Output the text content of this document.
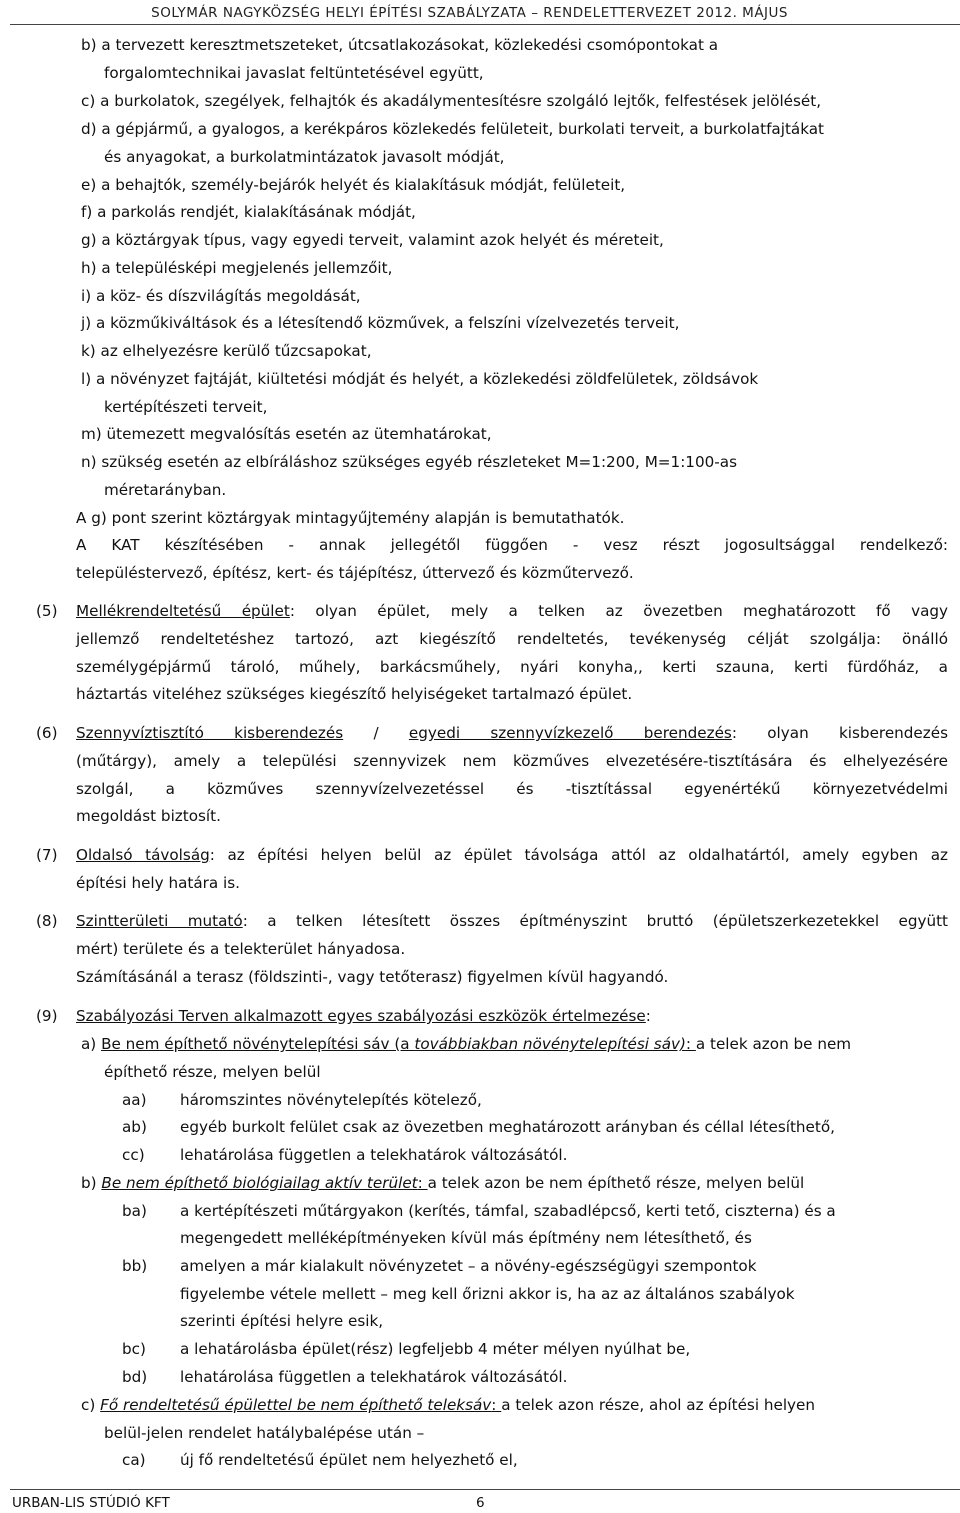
SOLYMÁR NAGYKÖZSÉG HELYI ÉPÍTÉSI SZABÁLYZATA – RENDELETTERVEZET 2012. MÁJUS
b) a tervezett keresztmetszeteket, útcsatlakozásokat, közlekedési csomópontokat a
forgalomtechnikai javaslat feltüntetésével együtt,
c) a burkolatok, szegélyek, felhajtók és akadálymentesítésre szolgáló lejtők, felfestések jelölését,
d) a gépjármű, a gyalogos, a kerékpáros közlekedés felületeit, burkolati terveit, a burkolatfajtákat
és anyagokat, a burkolatmintázatok javasolt módját,
e) a behajtók, személy-bejárók helyét és kialakításuk módját, felületeit,
f) a parkolás rendjét, kialakításának módját,
g) a köztárgyak típus, vagy egyedi terveit, valamint azok helyét és méreteit,
h) a településképi megjelenés jellemzőit,
i) a köz- és díszvilágítás megoldását,
j) a közműkiváltások és a létesítendő közművek, a felszíni vízelvezetés terveit,
k) az elhelyezésre kerülő tűzcsapokat,
l) a növényzet fajtáját, kiültetési módját és helyét, a közlekedési zöldfelületek, zöldsávok
kertépítészeti terveit,
m) ütemezett megvalósítás esetén az ütemhatárokat,
n) szükség esetén az elbíráláshoz szükséges egyéb részleteket M=1:200, M=1:100-as
méretarányban.
A g) pont szerint köztárgyak mintagyűjtemény alapján is bemutathatók.
A KAT készítésében - annak jellegétől függően - vesz részt jogosultsággal rendelkező:
településtervező, építész, kert- és tájépítész, úttervező és közműtervező.
(5) Mellékrendeltetésű épület: olyan épület, mely a telken az övezetben meghatározott fő vagy
jellemző rendeltetéshez tartozó, azt kiegészítő rendeltetés, tevékenység célját szolgálja: önálló
személygépjármű tároló, műhely, barkácsműhely, nyári konyha,, kerti szauna, kerti fürdőház, a
háztartás viteléhez szükséges kiegészítő helyiségeket tartalmazó épület.
(6) Szennyvíztisztító kisberendezés / egyedi szennyvízkezelő berendezés: olyan kisberendezés
(műtárgy), amely a települési szennyvizek nem közműves elvezetésére-tisztítására és elhelyezésére
szolgál, a közműves szennyvízelvezetéssel és -tisztítással egyenértékű környezetvédelmi
megoldást biztosít.
(7) Oldalsó távolság: az építési helyen belül az épület távolsága attól az oldalhatártól, amely egyben az
építési hely határa is.
(8) Szintterületi mutató: a telken létesített összes építményszint bruttó (épületszerkezetekkel együtt
mért) területe és a telekterület hányadosa.
Számításánál a terasz (földszinti-, vagy tetőterasz) figyelmen kívül hagyandó.
(9) Szabályozási Terven alkalmazott egyes szabályozási eszközök értelmezése:
a) Be nem építhető növénytelepítési sáv (a továbbiakban növénytelepítési sáv): a telek azon be nem
építhető része, melyen belül
aa) háromszintes növénytelepítés kötelező,
ab) egyéb burkolt felület csak az övezetben meghatározott arányban és céllal létesíthető,
cc) lehatárolása független a telekhatárok változásától.
b) Be nem építhető biológiailag aktív terület: a telek azon be nem építhető része, melyen belül
ba) a kertépítészeti műtárgyakon (kerítés, támfal, szabadlépcső, kerti tető, ciszterna) és a
megengedett melléképítményeken kívül más építmény nem létesíthető, és
bb) amelyen a már kialakult növényzetet – a növény-egészségügyi szempontok
figyelembe vétele mellett – meg kell őrizni akkor is, ha az az általános szabályok
szerinti építési helyre esik,
bc) a lehatárolásba épület(rész) legfeljebb 4 méter mélyen nyúlhat be,
bd) lehatárolása független a telekhatárok változásától.
c) Fő rendeltetésű épülettel be nem építhető teleksáv: a telek azon része, ahol az építési helyen
belül-jelen rendelet hatálybalépése után –
ca) új fő rendeltetésű épület nem helyezhető el,
URBAN-LIS STÚDIÓ KFT	6
